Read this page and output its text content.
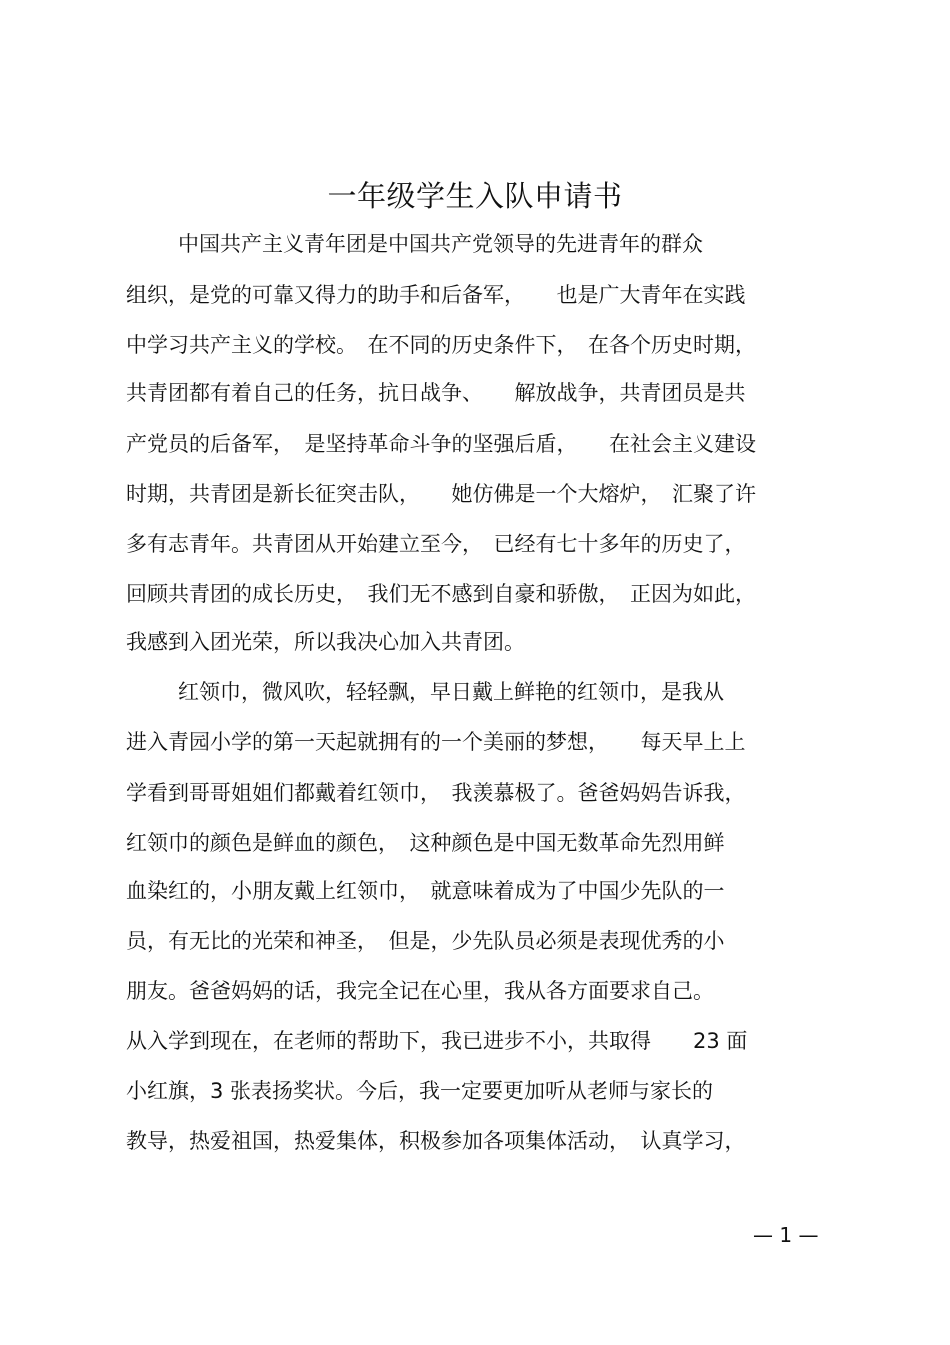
一年级学生入队申请书
中国共产主义青年团是中国共产党领导的先进青年的群众
组织，是党的可靠又得力的助手和后备军，　　也是广大青年在实践
中学习共产主义的学校。　在不同的历史条件下，　在各个历史时期，
共青团都有着自己的任务，抗日战争、　　解放战争，共青团员是共
产党员的后备军，　是坚持革命斗争的坚强后盾，　　在社会主义建设
时期，共青团是新长征突击队，　　她仿佛是一个大熔炉，　汇聚了许
多有志青年。共青团从开始建立至今，　已经有七十多年的历史了，
回顾共青团的成长历史，　我们无不感到自豪和骄傲，　正因为如此，
我感到入团光荣，所以我决心加入共青团。
红领巾，微风吹，轻轻飘，早日戴上鲜艳的红领巾，是我从
进入青园小学的第一天起就拥有的一个美丽的梦想，　　每天早上上
学看到哥哥姐姐们都戴着红领巾，　我羡慕极了。爸爸妈妈告诉我，
红领巾的颜色是鲜血的颜色，　这种颜色是中国无数革命先烈用鲜
血染红的，小朋友戴上红领巾，　就意味着成为了中国少先队的一
员，有无比的光荣和神圣，　但是，少先队员必须是表现优秀的小
朋友。爸爸妈妈的话，我完全记在心里，我从各方面要求自己。
从入学到现在，在老师的帮助下，我已进步不小，共取得　　23 面
小红旗，3 张表扬奖状。今后，我一定要更加听从老师与家长的
教导，热爱祖国，热爱集体，积极参加各项集体活动，　认真学习，
— 1 —
